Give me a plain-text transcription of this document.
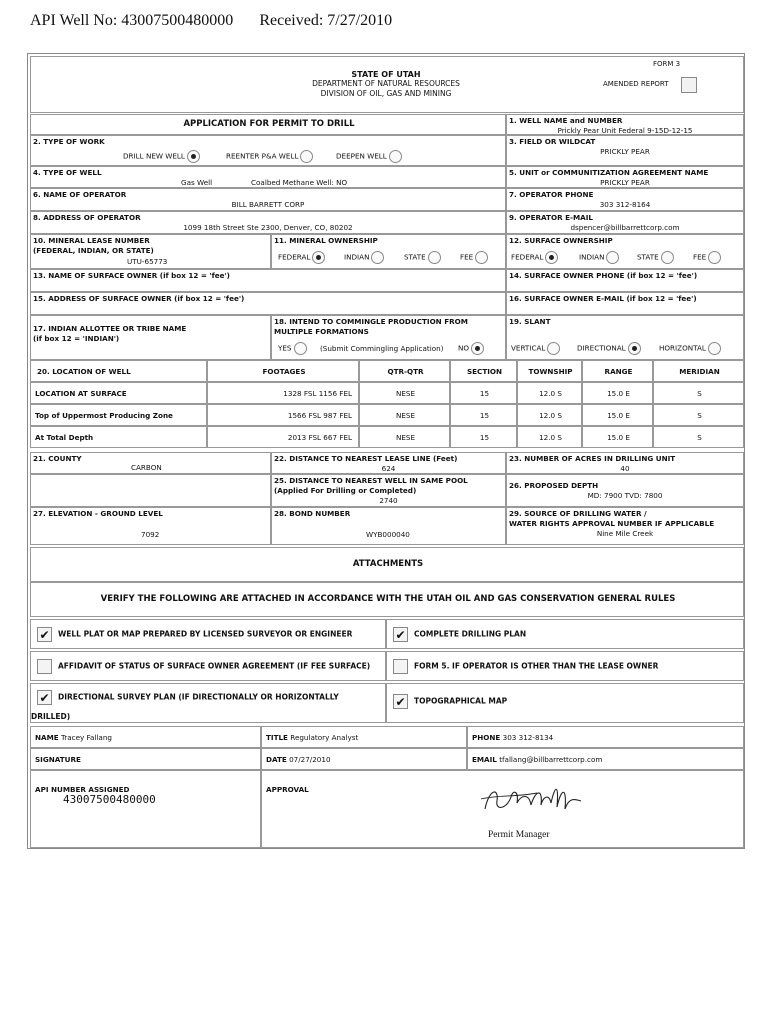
API Well No: 43007500480000 Received: 7/27/2010
STATE OF UTAH
DEPARTMENT OF NATURAL RESOURCES
DIVISION OF OIL, GAS AND MINING
FORM 3
AMENDED REPORT
APPLICATION FOR PERMIT TO DRILL	1. WELL NAME and NUMBER
Prickly Pear Unit Federal 9-15D-12-15
2. TYPE OF WORK
DRILL NEW WELL	REENTER P&A WELL	DEEPEN WELL
3. FIELD OR WILDCAT
PRICKLY PEAR
4. TYPE OF WELL
Gas Well	Coalbed Methane Well: NO
5. UNIT or COMMUNITIZATION AGREEMENT NAME
PRICKLY PEAR
6. NAME OF OPERATOR
BILL BARRETT CORP
7. OPERATOR PHONE
303 312-8164
8. ADDRESS OF OPERATOR
1099 18th Street Ste 2300, Denver, CO, 80202
9. OPERATOR E-MAIL
dspencer@billbarrettcorp.com
10. MINERAL LEASE NUMBER
(FEDERAL, INDIAN, OR STATE)
UTU-65773
11. MINERAL OWNERSHIP
FEDERAL	INDIAN	STATE	FEE
12. SURFACE OWNERSHIP
FEDERAL	INDIAN	STATE	FEE
13. NAME OF SURFACE OWNER (if box 12 = 'fee')	14. SURFACE OWNER PHONE (if box 12 = 'fee')
15. ADDRESS OF SURFACE OWNER (if box 12 = 'fee')	16. SURFACE OWNER E-MAIL (if box 12 = 'fee')
17. INDIAN ALLOTTEE OR TRIBE NAME
(if box 12 = 'INDIAN')
18. INTEND TO COMMINGLE PRODUCTION FROM
MULTIPLE FORMATIONS
YES	(Submit Commingling Application) NO
19. SLANT
VERTICAL	DIRECTIONAL	HORIZONTAL
20. LOCATION OF WELL	FOOTAGES	QTR-QTR	SECTION	TOWNSHIP	RANGE	MERIDIAN
LOCATION AT SURFACE	1328 FSL 1156 FEL	NESE	15	12.0 S	15.0 E	S
Top of Uppermost Producing Zone	1566 FSL 987 FEL	NESE	15	12.0 S	15.0 E	S
At Total Depth	2013 FSL 667 FEL	NESE	15	12.0 S	15.0 E	S
21. COUNTY
CARBON
22. DISTANCE TO NEAREST LEASE LINE (Feet)
624
23. NUMBER OF ACRES IN DRILLING UNIT
40
25. DISTANCE TO NEAREST WELL IN SAME POOL
(Applied For Drilling or Completed)
2740
26. PROPOSED DEPTH
MD: 7900 TVD: 7800
27. ELEVATION - GROUND LEVEL
7092
28. BOND NUMBER
WYB000040
29. SOURCE OF DRILLING WATER /
WATER RIGHTS APPROVAL NUMBER IF APPLICABLE
Nine Mile Creek
ATTACHMENTS
VERIFY THE FOLLOWING ARE ATTACHED IN ACCORDANCE WITH THE UTAH OIL AND GAS CONSERVATION GENERAL RULES
✔ WELL PLAT OR MAP PREPARED BY LICENSED SURVEYOR OR ENGINEER	✔ COMPLETE DRILLING PLAN
AFFIDAVIT OF STATUS OF SURFACE OWNER AGREEMENT (IF FEE SURFACE)	FORM 5. IF OPERATOR IS OTHER THAN THE LEASE OWNER
✔ DIRECTIONAL SURVEY PLAN (IF DIRECTIONALLY OR HORIZONTALLY
DRILLED)
✔ TOPOGRAPHICAL MAP
NAME Tracey Fallang	TITLE Regulatory Analyst	PHONE 303 312-8134
SIGNATURE	DATE 07/27/2010	EMAIL tfallang@billbarrettcorp.com
API NUMBER ASSIGNED
43007500480000
APPROVAL
Permit Manager
